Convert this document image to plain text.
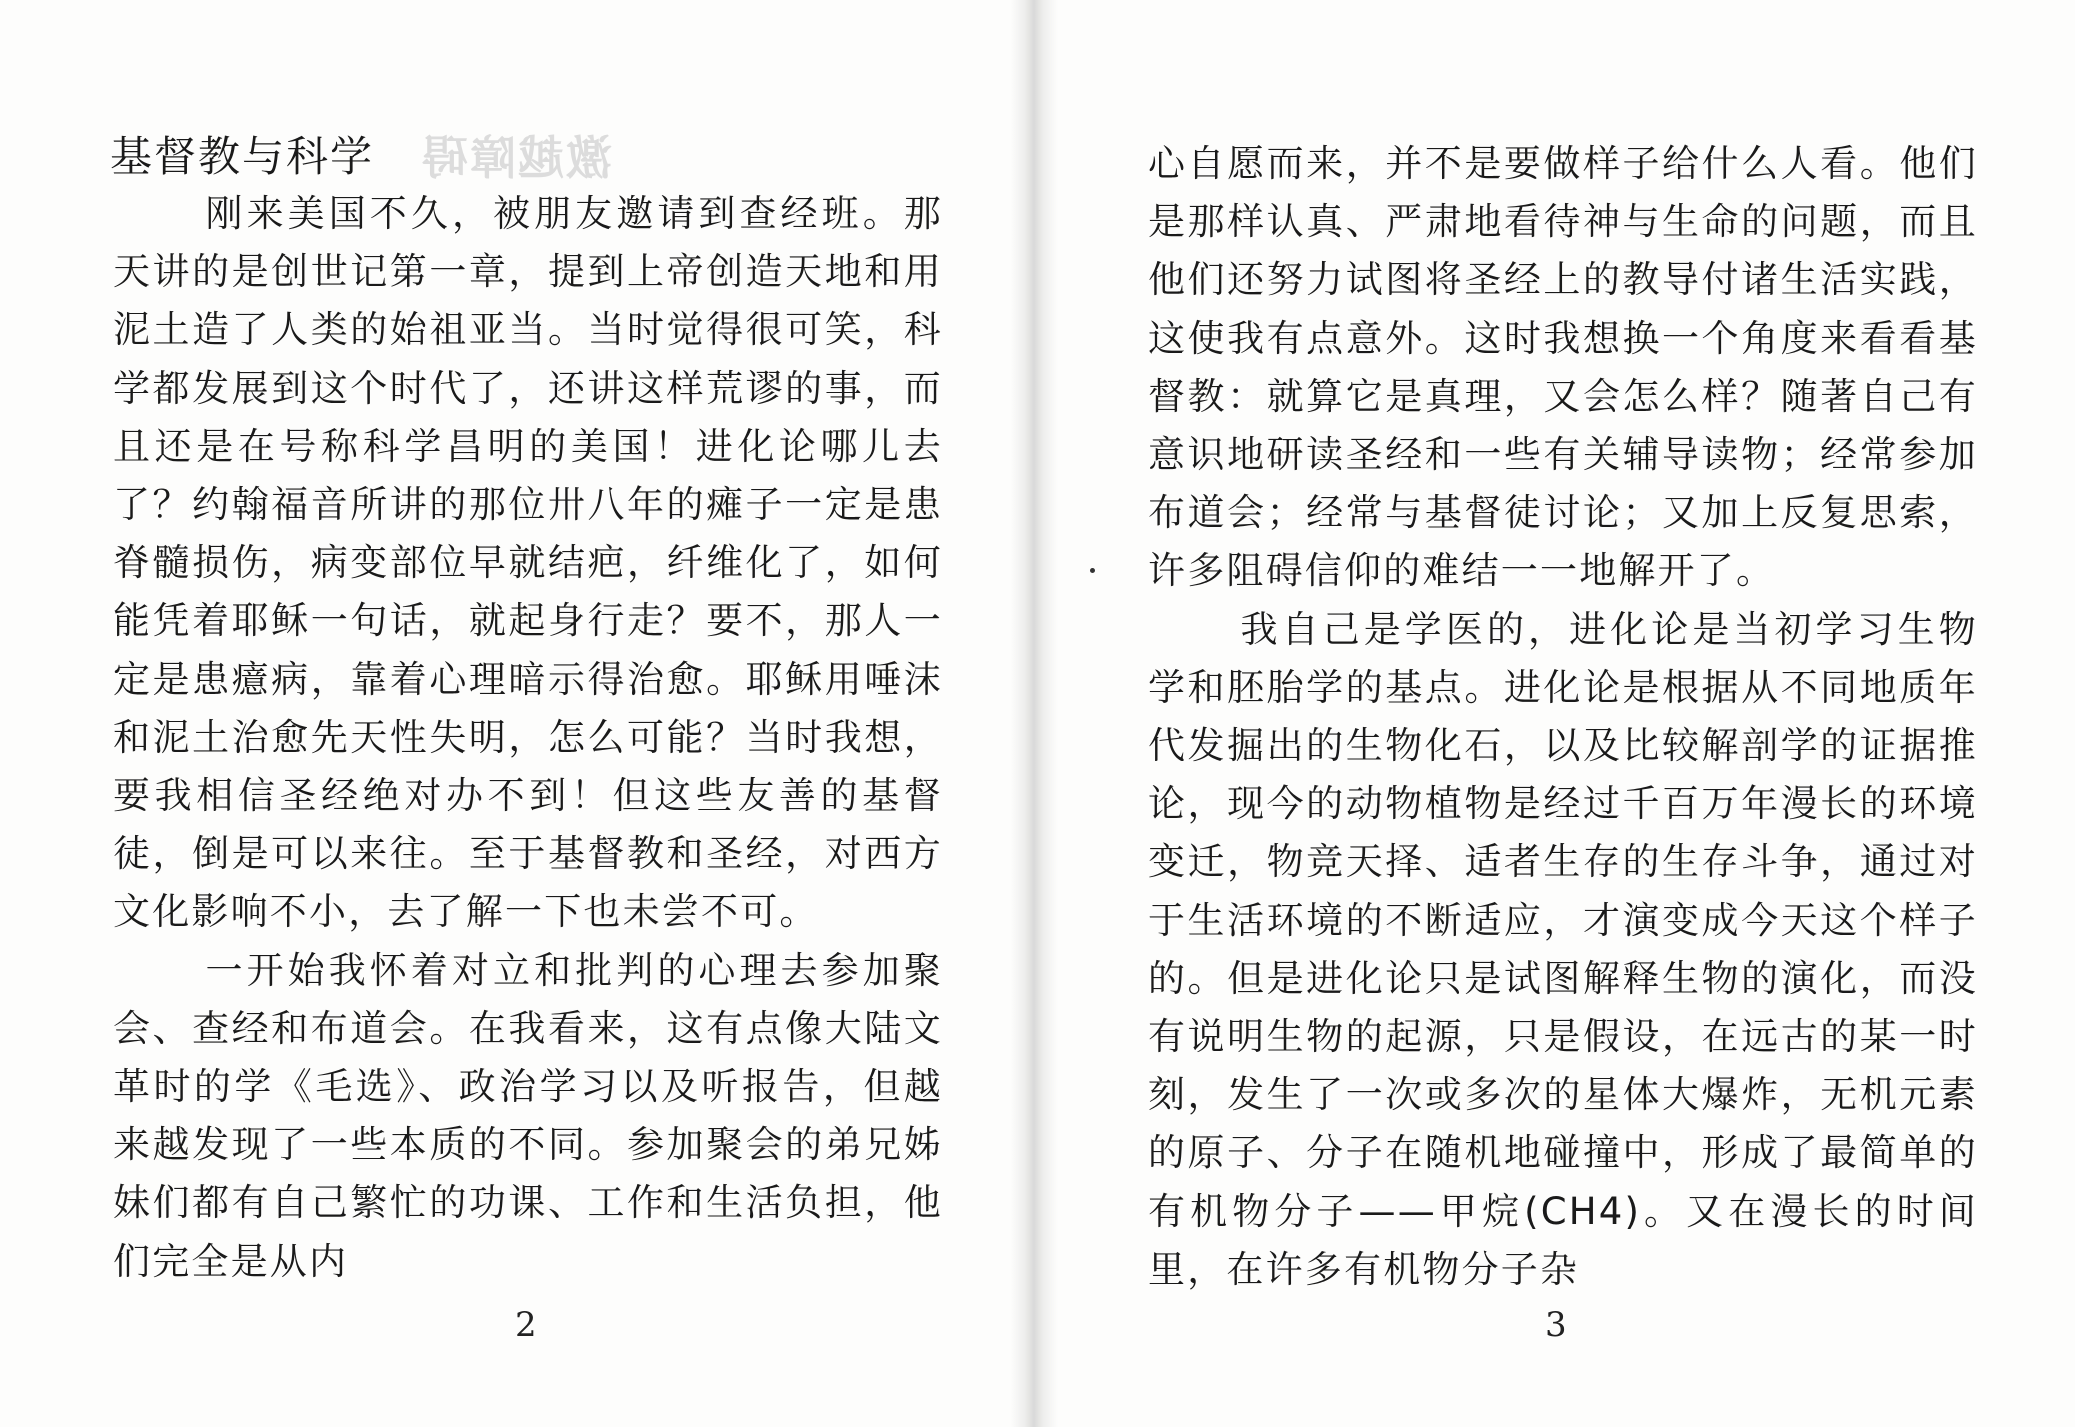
基督教与科学 激越障碍

刚来美国不久，被朋友邀请到查经班。那天讲的是创世记第一章，提到上帝创造天地和用泥土造了人类的始祖亚当。当时觉得很可笑，科学都发展到这个时代了，还讲这样荒谬的事，而且还是在号称科学昌明的美国！进化论哪儿去了？约翰福音所讲的那位卅八年的瘫子一定是患脊髓损伤，病变部位早就结疤，纤维化了，如何能凭着耶稣一句话，就起身行走？要不，那人一定是患癔病，靠着心理暗示得治愈。耶稣用唾沫和泥土治愈先天性失明，怎么可能？当时我想，要我相信圣经绝对办不到！但这些友善的基督徒，倒是可以来往。至于基督教和圣经，对西方文化影响不小，去了解一下也未尝不可。

一开始我怀着对立和批判的心理去参加聚会、查经和布道会。在我看来，这有点像大陆文革时的学《毛选》、政治学习以及听报告，但越来越发现了一些本质的不同。参加聚会的弟兄姊妹们都有自己繁忙的功课、工作和生活负担，他们完全是从内

2

心自愿而来，并不是要做样子给什么人看。他们是那样认真、严肃地看待神与生命的问题，而且他们还努力试图将圣经上的教导付诸生活实践，这使我有点意外。这时我想换一个角度来看看基督教：就算它是真理，又会怎么样？随著自己有意识地研读圣经和一些有关辅导读物；经常参加布道会；经常与基督徒讨论；又加上反复思索，许多阻碍信仰的难结一一地解开了。

我自己是学医的，进化论是当初学习生物学和胚胎学的基点。进化论是根据从不同地质年代发掘出的生物化石，以及比较解剖学的证据推论，现今的动物植物是经过千百万年漫长的环境变迁，物竞天择、适者生存的生存斗争，通过对于生活环境的不断适应，才演变成今天这个样子的。但是进化论只是试图解释生物的演化，而没有说明生物的起源，只是假设，在远古的某一时刻，发生了一次或多次的星体大爆炸，无机元素的原子、分子在随机地碰撞中，形成了最简单的有机物分子——甲烷(CH4)。又在漫长的时间里，在许多有机物分子杂

3
